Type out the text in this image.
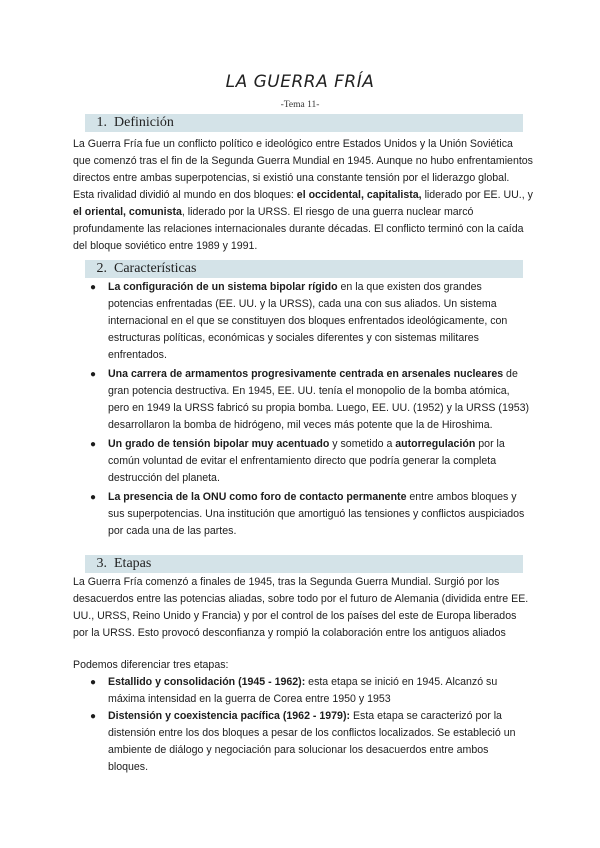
LA GUERRA FRÍA
-Tema 11-
1. Definición

La Guerra Fría fue un conflicto político e ideológico entre Estados Unidos y la Unión Soviética que comenzó tras el fin de la Segunda Guerra Mundial en 1945. Aunque no hubo enfrentamientos directos entre ambas superpotencias, si existió una constante tensión por el liderazgo global. Esta rivalidad dividió al mundo en dos bloques: el occidental, capitalista, liderado por EE. UU., y el oriental, comunista, liderado por la URSS. El riesgo de una guerra nuclear marcó profundamente las relaciones internacionales durante décadas. El conflicto terminó con la caída del bloque soviético entre 1989 y 1991.

2. Características
● La configuración de un sistema bipolar rígido en la que existen dos grandes potencias enfrentadas (EE. UU. y la URSS), cada una con sus aliados. Un sistema internacional en el que se constituyen dos bloques enfrentados ideológicamente, con estructuras políticas, económicas y sociales diferentes y con sistemas militares enfrentados.
● Una carrera de armamentos progresivamente centrada en arsenales nucleares de gran potencia destructiva. En 1945, EE. UU. tenía el monopolio de la bomba atómica, pero en 1949 la URSS fabricó su propia bomba. Luego, EE. UU. (1952) y la URSS (1953) desarrollaron la bomba de hidrógeno, mil veces más potente que la de Hiroshima.
● Un grado de tensión bipolar muy acentuado y sometido a autorregulación por la común voluntad de evitar el enfrentamiento directo que podría generar la completa destrucción del planeta.
● La presencia de la ONU como foro de contacto permanente entre ambos bloques y sus superpotencias. Una institución que amortiguó las tensiones y conflictos auspiciados por cada una de las partes.
3. Etapas

La Guerra Fría comenzó a finales de 1945, tras la Segunda Guerra Mundial. Surgió por los desacuerdos entre las potencias aliadas, sobre todo por el futuro de Alemania (dividida entre EE. UU., URSS, Reino Unido y Francia) y por el control de los países del este de Europa liberados por la URSS. Esto provocó desconfianza y rompió la colaboración entre los antiguos aliados

Podemos diferenciar tres etapas:

● Estallido y consolidación (1945 - 1962): esta etapa se inició en 1945. Alcanzó su máxima intensidad en la guerra de Corea entre 1950 y 1953
● Distensión y coexistencia pacífica (1962 - 1979): Esta etapa se caracterizó por la distensión entre los dos bloques a pesar de los conflictos localizados. Se estableció un ambiente de diálogo y negociación para solucionar los desacuerdos entre ambos bloques.
